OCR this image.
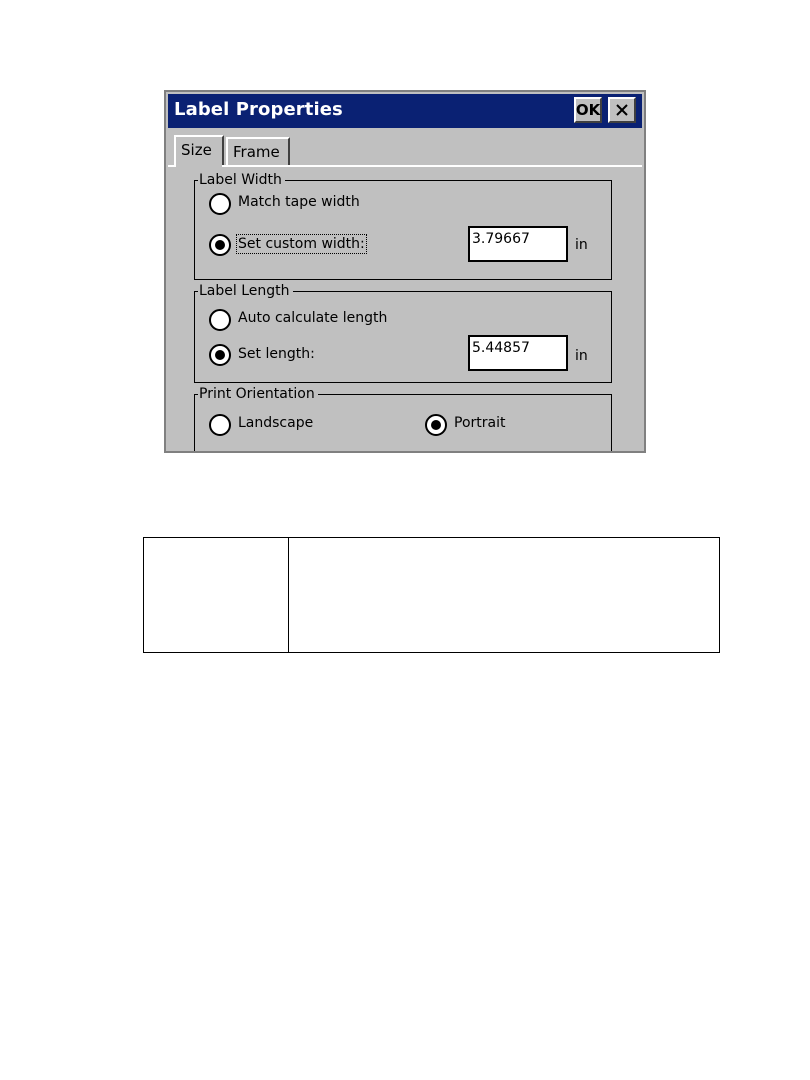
Label Properties	OK
Size	Frame
Label Width
Match tape width
Set custom width:	3.79667	in
Label Length
Auto calculate length
Set length:	5.44857	in
Print Orientation
Landscape	Portrait
